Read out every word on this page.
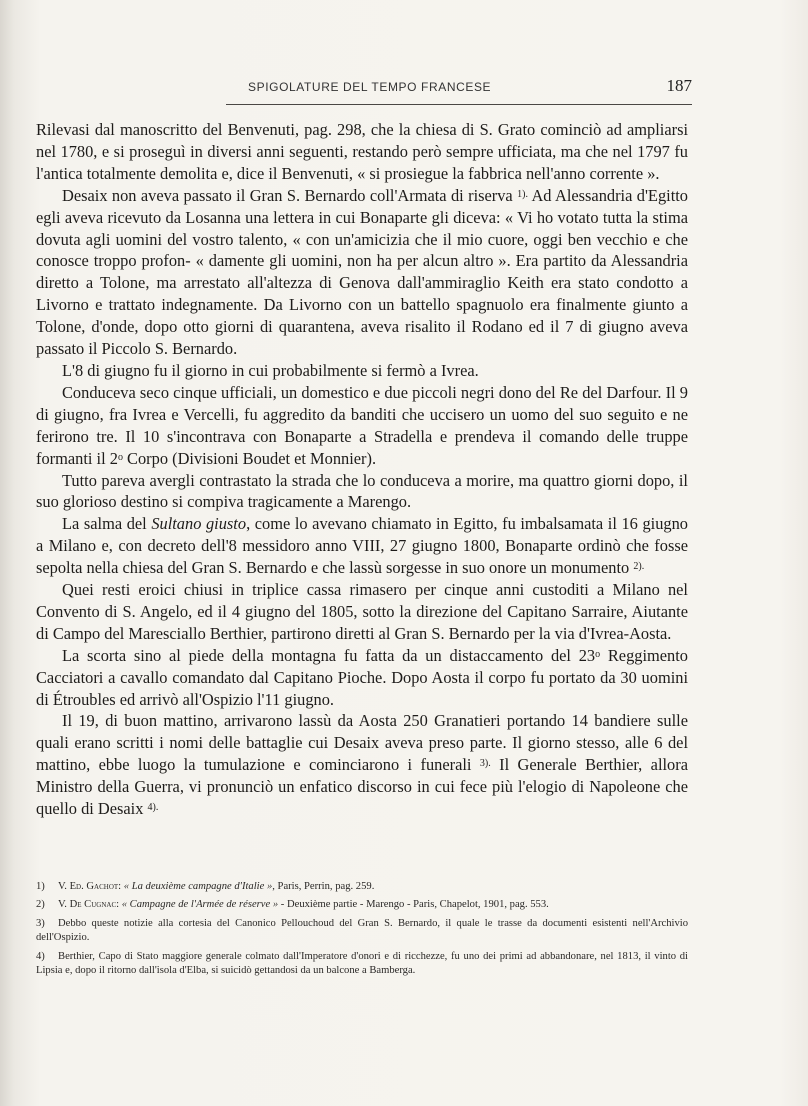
SPIGOLATURE DEL TEMPO FRANCESE	187

Rilevasi dal manoscritto del Benvenuti, pag. 298, che la chiesa di S. Grato cominciò ad ampliarsi nel 1780, e si proseguì in diversi anni seguenti, restando però sempre ufficiata, ma che nel 1797 fu l'antica totalmente demolita e, dice il Benvenuti, « si prosiegue la fabbrica nell'anno corrente ».

Desaix non aveva passato il Gran S. Bernardo coll'Armata di riserva $^{1).}$ Ad Alessandria d'Egitto egli aveva ricevuto da Losanna una lettera in cui Bonaparte gli diceva: « Vi ho votato tutta la stima dovuta agli uomini del vostro talento, « con un'amicizia che il mio cuore, oggi ben vecchio e che conosce troppo profon- « damente gli uomini, non ha per alcun altro ». Era partito da Alessandria diretto a Tolone, ma arrestato all'altezza di Genova dall'ammiraglio Keith era stato condotto a Livorno e trattato indegnamente. Da Livorno con un battello spagnuolo era finalmente giunto a Tolone, d'onde, dopo otto giorni di quarantena, aveva risalito il Rodano ed il 7 di giugno aveva passato il Piccolo S. Bernardo.

L'8 di giugno fu il giorno in cui probabilmente si fermò a Ivrea.

Conduceva seco cinque ufficiali, un domestico e due piccoli negri dono del Re del Darfour. Il 9 di giugno, fra Ivrea e Vercelli, fu aggredito da banditi che uccisero un uomo del suo seguito e ne ferirono tre. Il 10 s'incontrava con Bonaparte a Stradella e prendeva il comando delle truppe formanti il 2$^o$ Corpo (Divisioni Boudet et Monnier).

Tutto pareva avergli contrastato la strada che lo conduceva a morire, ma quattro giorni dopo, il suo glorioso destino si compiva tragicamente a Marengo.

La salma del Sultano giusto, come lo avevano chiamato in Egitto, fu imbalsamata il 16 giugno a Milano e, con decreto dell'8 messidoro anno VIII, 27 giugno 1800, Bonaparte ordinò che fosse sepolta nella chiesa del Gran S. Bernardo e che lassù sorgesse in suo onore un monumento $^{2).}$

Quei resti eroici chiusi in triplice cassa rimasero per cinque anni custoditi a Milano nel Convento di S. Angelo, ed il 4 giugno del 1805, sotto la direzione del Capitano Sarraire, Aiutante di Campo del Maresciallo Berthier, partirono diretti al Gran S. Bernardo per la via d'Ivrea-Aosta.

La scorta sino al piede della montagna fu fatta da un distaccamento del 23$^o$ Reggimento Cacciatori a cavallo comandato dal Capitano Pioche. Dopo Aosta il corpo fu portato da 30 uomini di Étroubles ed arrivò all'Ospizio l'11 giugno.

Il 19, di buon mattino, arrivarono lassù da Aosta 250 Granatieri portando 14 bandiere sulle quali erano scritti i nomi delle battaglie cui Desaix aveva preso parte. Il giorno stesso, alle 6 del mattino, ebbe luogo la tumulazione e cominciarono i funerali $^{3).}$ Il Generale Berthier, allora Ministro della Guerra, vi pronunciò un enfatico discorso in cui fece più l'elogio di Napoleone che quello di Desaix $^{4).}$

1) V. Ed. Gachot: « La deuxième campagne d'Italie », Paris, Perrin, pag. 259.
2) V. De Cugnac: « Campagne de l'Armée de réserve » - Deuxième partie - Marengo - Paris, Chapelot, 1901, pag. 553.
3) Debbo queste notizie alla cortesia del Canonico Pellouchoud del Gran S. Bernardo, il quale le trasse da documenti esistenti nell'Archivio dell'Ospizio.
4) Berthier, Capo di Stato maggiore generale colmato dall'Imperatore d'onori e di ricchezze, fu uno dei primi ad abbandonare, nel 1813, il vinto di Lipsia e, dopo il ritorno dall'isola d'Elba, si suicidò gettandosi da un balcone a Bamberga.
